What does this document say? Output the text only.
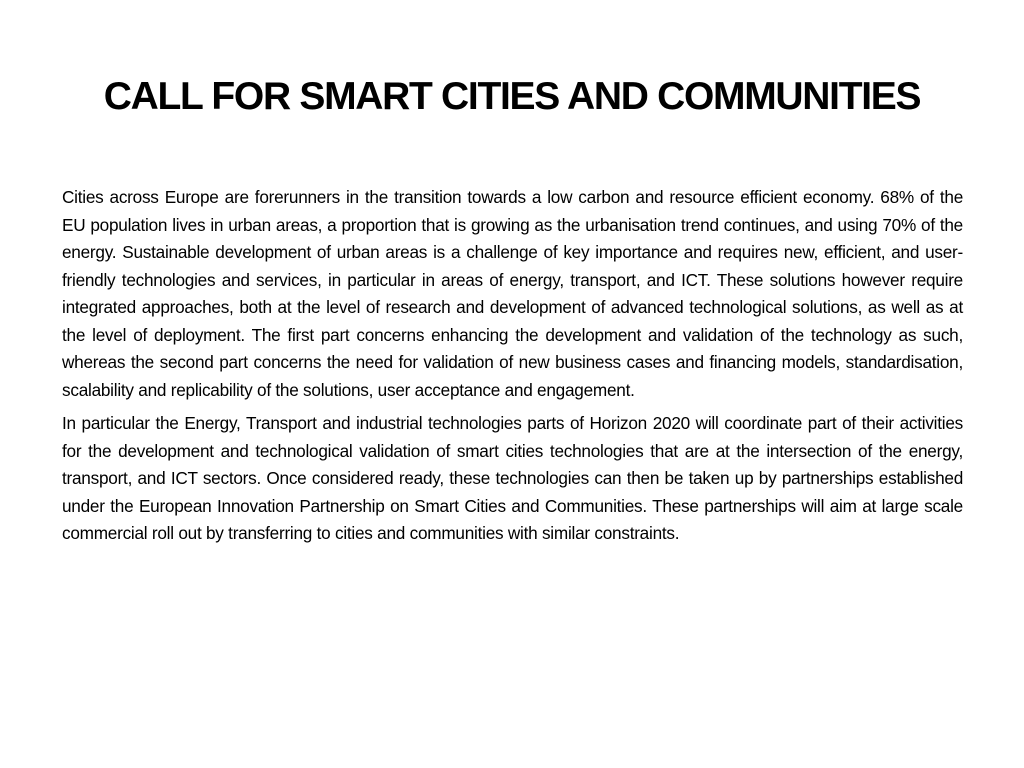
CALL FOR SMART CITIES AND COMMUNITIES

Cities across Europe are forerunners in the transition towards a low carbon and resource efficient economy. 68% of the EU population lives in urban areas, a proportion that is growing as the urbanisation trend continues, and using 70% of the energy. Sustainable development of urban areas is a challenge of key importance and requires new, efficient, and user-friendly technologies and services, in particular in areas of energy, transport, and ICT. These solutions however require integrated approaches, both at the level of research and development of advanced technological solutions, as well as at the level of deployment. The first part concerns enhancing the development and validation of the technology as such, whereas the second part concerns the need for validation of new business cases and financing models, standardisation, scalability and replicability of the solutions, user acceptance and engagement.

In particular the Energy, Transport and industrial technologies parts of Horizon 2020 will coordinate part of their activities for the development and technological validation of smart cities technologies that are at the intersection of the energy, transport, and ICT sectors. Once considered ready, these technologies can then be taken up by partnerships established under the European Innovation Partnership on Smart Cities and Communities. These partnerships will aim at large scale commercial roll out by transferring to cities and communities with similar constraints.
